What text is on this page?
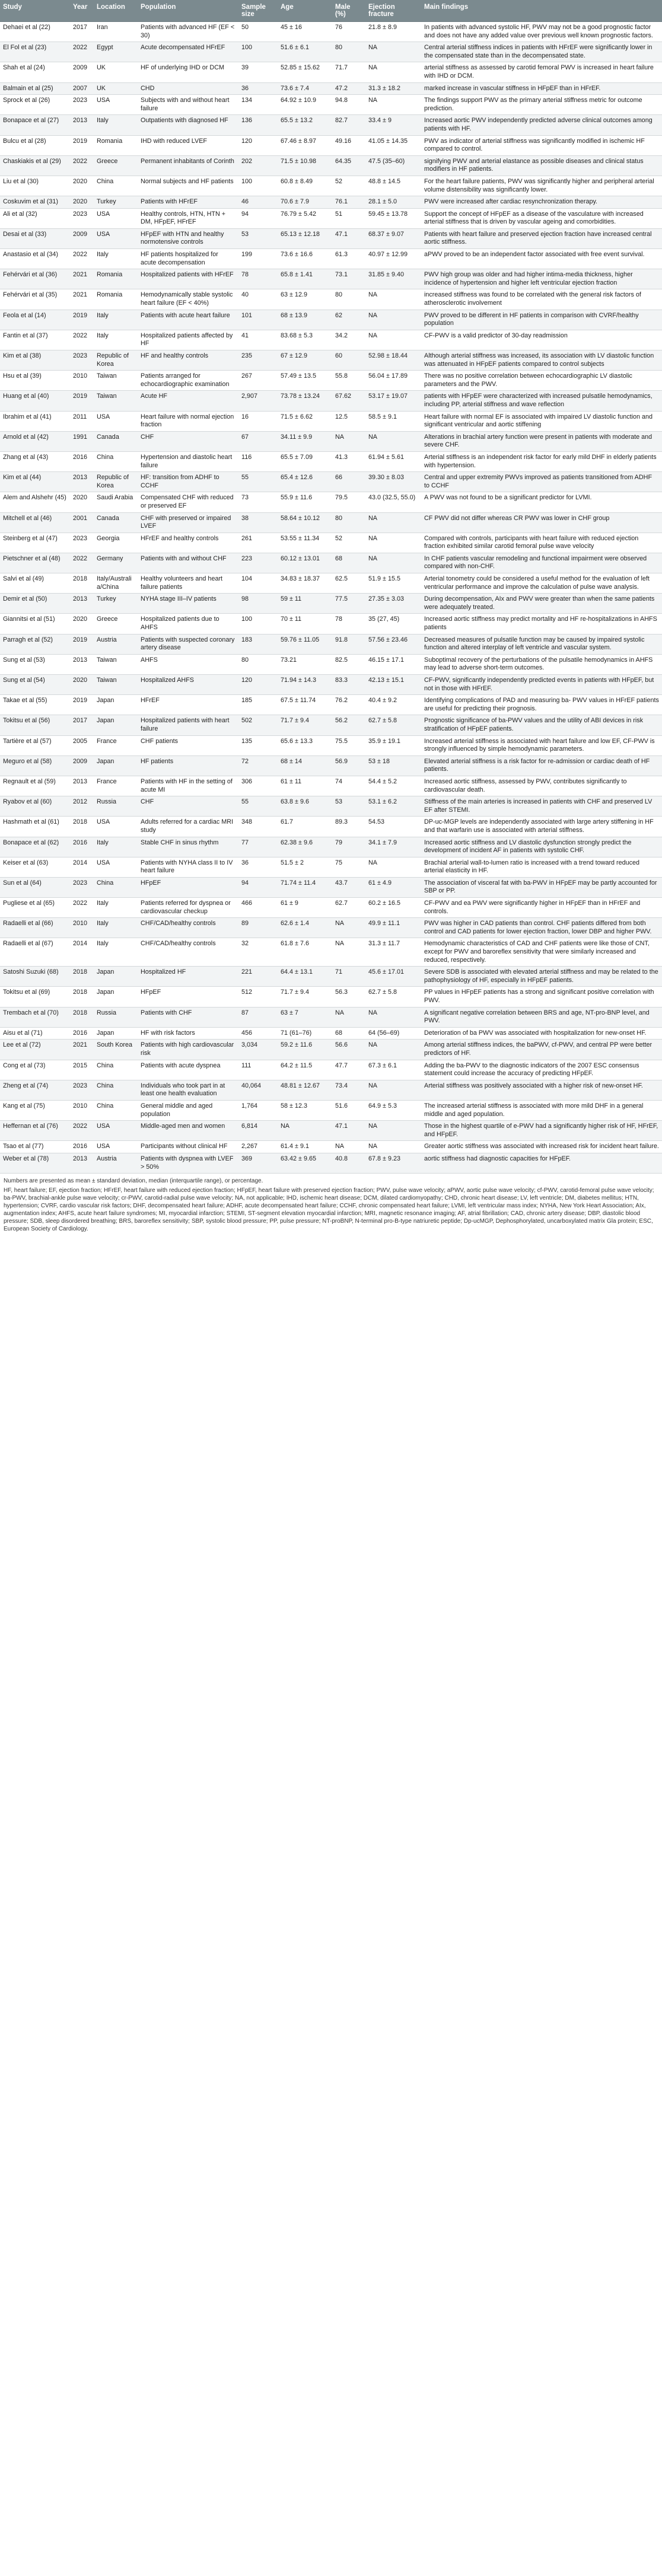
Study	Year	Location	Population	Sample size	Age	Male (%)	Ejection fracture	Main findings
Dehaei et al (22)	2017	Iran	Patients with advanced HF (EF < 30)	50	45 ± 16	76	21.8 ± 8.9	In patients with advanced systolic HF, PWV may not be a good prognostic factor and does not have any added value over previous well known prognostic factors.
El Fol et al (23)	2022	Egypt	Acute decompensated HFrEF	100	51.6 ± 6.1	80	NA	Central arterial stiffness indices in patients with HFrEF were significantly lower in the compensated state than in the decompensated state.
Shah et al (24)	2009	UK	HF of underlying IHD or DCM	39	52.85 ± 15.62	71.7	NA	arterial stiffness as assessed by carotid femoral PWV is increased in heart failure with IHD or DCM.
Balmain et al (25)	2007	UK	CHD	36	73.6 ± 7.4	47.2	31.3 ± 18.2	marked increase in vascular stiffness in HFpEF than in HFrEF.
Sprock et al (26)	2023	USA	Subjects with and without heart failure	134	64.92 ± 10.9	94.8	NA	The findings support PWV as the primary arterial stiffness metric for outcome prediction.
Bonapace et al (27)	2013	Italy	Outpatients with diagnosed HF	136	65.5 ± 13.2	82.7	33.4 ± 9	Increased aortic PWV independently predicted adverse clinical outcomes among patients with HF.
Bulcu et al (28)	2019	Romania	IHD with reduced LVEF	120	67.46 ± 8.97	49.16	41.05 ± 14.35	PWV as indicator of arterial stiffness was significantly modified in ischemic HF compared to control.
Chaskiakis et al (29)	2022	Greece	Permanent inhabitants of Corinth	202	71.5 ± 10.98	64.35	47.5 (35–60)	signifying PWV and arterial elastance as possible diseases and clinical status modifiers in HF patients.
Liu et al (30)	2020	China	Normal subjects and HF patients	100	60.8 ± 8.49	52	48.8 ± 14.5	For the heart failure patients, PWV was significantly higher and peripheral arterial volume distensibility was significantly lower.
Coskuvim et al (31)	2020	Turkey	Patients with HFrEF	46	70.6 ± 7.9	76.1	28.1 ± 5.0	PWV were increased after cardiac resynchronization therapy.
Ali et al (32)	2023	USA	Healthy controls, HTN, HTN + DM, HFpEF, HFrEF	94	76.79 ± 5.42	51	59.45 ± 13.78	Support the concept of HFpEF as a disease of the vasculature with increased arterial stiffness that is driven by vascular ageing and comorbidities.
Desai et al (33)	2009	USA	HFpEF with HTN and healthy normotensive controls	53	65.13 ± 12.18	47.1	68.37 ± 9.07	Patients with heart failure and preserved ejection fraction have increased central aortic stiffness.
Anastasio et al (34)	2022	Italy	HF patients hospitalized for acute decompensation	199	73.6 ± 16.6	61.3	40.97 ± 12.99	aPWV proved to be an independent factor associated with free event survival.
Fehérvári et al (36)	2021	Romania	Hospitalized patients with HFrEF	78	65.8 ± 1.41	73.1	31.85 ± 9.40	PWV high group was older and had higher intima-media thickness, higher incidence of hypertension and higher left ventricular ejection fraction
Fehérvári et al (35)	2021	Romania	Hemodynamically stable systolic heart failure (EF < 40%)	40	63 ± 12.9	80	NA	increased stiffness was found to be correlated with the general risk factors of atherosclerotic involvement
Feola et al (14)	2019	Italy	Patients with acute heart failure	101	68 ± 13.9	62	NA	PWV proved to be different in HF patients in comparison with CVRF/healthy population
Fantin et al (37)	2022	Italy	Hospitalized patients affected by HF	41	83.68 ± 5.3	34.2	NA	CF-PWV is a valid predictor of 30-day readmission
Kim et al (38)	2023	Republic of Korea	HF and healthy controls	235	67 ± 12.9	60	52.98 ± 18.44	Although arterial stiffness was increased, its association with LV diastolic function was attenuated in HFpEF patients compared to control subjects
Hsu et al (39)	2010	Taiwan	Patients arranged for echocardiographic examination	267	57.49 ± 13.5	55.8	56.04 ± 17.89	There was no positive correlation between echocardiographic LV diastolic parameters and the PWV.
Huang et al (40)	2019	Taiwan	Acute HF	2,907	73.78 ± 13.24	67.62	53.17 ± 19.07	patients with HFpEF were characterized with increased pulsatile hemodynamics, including PP, arterial stiffness and wave reflection
Ibrahim et al (41)	2011	USA	Heart failure with normal ejection fraction	16	71.5 ± 6.62	12.5	58.5 ± 9.1	Heart failure with normal EF is associated with impaired LV diastolic function and significant ventricular and aortic stiffening
Arnold et al (42)	1991	Canada	CHF	67	34.11 ± 9.9	NA	NA	Alterations in brachial artery function were present in patients with moderate and severe CHF.
Zhang et al (43)	2016	China	Hypertension and diastolic heart failure	116	65.5 ± 7.09	41.3	61.94 ± 5.61	Arterial stiffness is an independent risk factor for early mild DHF in elderly patients with hypertension.
Kim et al (44)	2013	Republic of Korea	HF: transition from ADHF to CCHF	55	65.4 ± 12.6	66	39.30 ± 8.03	Central and upper extremity PWVs improved as patients transitioned from ADHF to CCHF
Alem and Alshehr (45)	2020	Saudi Arabia	Compensated CHF with reduced or preserved EF	73	55.9 ± 11.6	79.5	43.0 (32.5, 55.0)	A PWV was not found to be a significant predictor for LVMI.
Mitchell et al (46)	2001	Canada	CHF with preserved or impaired LVEF	38	58.64 ± 10.12	80	NA	CF PWV did not differ whereas CR PWV was lower in CHF group
Steinberg et al (47)	2023	Georgia	HFrEF and healthy controls	261	53.55 ± 11.34	52	NA	Compared with controls, participants with heart failure with reduced ejection fraction exhibited similar carotid femoral pulse wave velocity
Pietschner et al (48)	2022	Germany	Patients with and without CHF	223	60.12 ± 13.01	68	NA	In CHF patients vascular remodeling and functional impairment were observed compared with non-CHF.
Salvi et al (49)	2018	Italy/Australia/China	Healthy volunteers and heart failure patients	104	34.83 ± 18.37	62.5	51.9 ± 15.5	Arterial tonometry could be considered a useful method for the evaluation of left ventricular performance and improve the calculation of pulse wave analysis.
Demir et al (50)	2013	Turkey	NYHA stage III–IV patients	98	59 ± 11	77.5	27.35 ± 3.03	During decompensation, AIx and PWV were greater than when the same patients were adequately treated.
Giannitsi et al (51)	2020	Greece	Hospitalized patients due to AHFS	100	70 ± 11	78	35 (27, 45)	Increased aortic stiffness may predict mortality and HF re-hospitalizations in AHFS patients
Parragh et al (52)	2019	Austria	Patients with suspected coronary artery disease	183	59.76 ± 11.05	91.8	57.56 ± 23.46	Decreased measures of pulsatile function may be caused by impaired systolic function and altered interplay of left ventricle and vascular system.
Sung et al (53)	2013	Taiwan	AHFS	80	73.21	82.5	46.15 ± 17.1	Suboptimal recovery of the perturbations of the pulsatile hemodynamics in AHFS may lead to adverse short-term outcomes.
Sung et al (54)	2020	Taiwan	Hospitalized AHFS	120	71.94 ± 14.3	83.3	42.13 ± 15.1	CF-PWV, significantly independently predicted events in patients with HFpEF, but not in those with HFrEF.
Takae et al (55)	2019	Japan	HFrEF	185	67.5 ± 11.74	76.2	40.4 ± 9.2	Identifying complications of PAD and measuring ba- PWV values in HFrEF patients are useful for predicting their prognosis.
Tokitsu et al (56)	2017	Japan	Hospitalized patients with heart failure	502	71.7 ± 9.4	56.2	62.7 ± 5.8	Prognostic significance of ba-PWV values and the utility of ABI devices in risk stratification of HFpEF patients.
Tartière et al (57)	2005	France	CHF patients	135	65.6 ± 13.3	75.5	35.9 ± 19.1	Increased arterial stiffness is associated with heart failure and low EF, CF-PWV is strongly influenced by simple hemodynamic parameters.
Meguro et al (58)	2009	Japan	HF patients	72	68 ± 14	56.9	53 ± 18	Elevated arterial stiffness is a risk factor for re-admission or cardiac death of HF patients.
Regnault et al (59)	2013	France	Patients with HF in the setting of acute MI	306	61 ± 11	74	54.4 ± 5.2	Increased aortic stiffness, assessed by PWV, contributes significantly to cardiovascular death.
Ryabov et al (60)	2012	Russia	CHF	55	63.8 ± 9.6	53	53.1 ± 6.2	Stiffness of the main arteries is increased in patients with CHF and preserved LV EF after STEMI.
Hashmath et al (61)	2018	USA	Adults referred for a cardiac MRI study	348	61.7	89.3	54.53	DP-uc-MGP levels are independently associated with large artery stiffening in HF and that warfarin use is associated with arterial stiffness.
Bonapace et al (62)	2016	Italy	Stable CHF in sinus rhythm	77	62.38 ± 9.6	79	34.1 ± 7.9	Increased aortic stiffness and LV diastolic dysfunction strongly predict the development of incident AF in patients with systolic CHF.
Keiser et al (63)	2014	USA	Patients with NYHA class II to IV heart failure	36	51.5 ± 2	75	NA	Brachial arterial wall-to-lumen ratio is increased with a trend toward reduced arterial elasticity in HF.
Sun et al (64)	2023	China	HFpEF	94	71.74 ± 11.4	43.7	61 ± 4.9	The association of visceral fat with ba-PWV in HFpEF may be partly accounted for SBP or PP.
Pugliese et al (65)	2022	Italy	Patients referred for dyspnea or cardiovascular checkup	466	61 ± 9	62.7	60.2 ± 16.5	CF-PWV and ea PWV were significantly higher in HFpEF than in HFrEF and controls.
Radaelli et al (66)	2010	Italy	CHF/CAD/healthy controls	89	62.6 ± 1.4	NA	49.9 ± 11.1	PWV was higher in CAD patients than control. CHF patients differed from both control and CAD patients for lower ejection fraction, lower DBP and higher PWV.
Radaelli et al (67)	2014	Italy	CHF/CAD/healthy controls	32	61.8 ± 7.6	NA	31.3 ± 11.7	Hemodynamic characteristics of CAD and CHF patients were like those of CNT, except for PWV and baroreflex sensitivity that were similarly increased and reduced, respectively.
Satoshi Suzuki (68)	2018	Japan	Hospitalized HF	221	64.4 ± 13.1	71	45.6 ± 17.01	Severe SDB is associated with elevated arterial stiffness and may be related to the pathophysiology of HF, especially in HFpEF patients.
Tokitsu et al (69)	2018	Japan	HFpEF	512	71.7 ± 9.4	56.3	62.7 ± 5.8	PP values in HFpEF patients has a strong and significant positive correlation with PWV.
Trembach et al (70)	2018	Russia	Patients with CHF	87	63 ± 7	NA	NA	A significant negative correlation between BRS and age, NT-pro-BNP level, and PWV.
Aisu et al (71)	2016	Japan	HF with risk factors	456	71 (61–76)	68	64 (56–69)	Deterioration of ba PWV was associated with hospitalization for new-onset HF.
Lee et al (72)	2021	South Korea	Patients with high cardiovascular risk	3,034	59.2 ± 11.6	56.6	NA	Among arterial stiffness indices, the baPWV, cf-PWV, and central PP were better predictors of HF.
Cong et al (73)	2015	China	Patients with acute dyspnea	111	64.2 ± 11.5	47.7	67.3 ± 6.1	Adding the ba-PWV to the diagnostic indicators of the 2007 ESC consensus statement could increase the accuracy of predicting HFpEF.
Zheng et al (74)	2023	China	Individuals who took part in at least one health evaluation	40,064	48.81 ± 12.67	73.4	NA	Arterial stiffness was positively associated with a higher risk of new-onset HF.
Kang et al (75)	2010	China	General middle and aged population	1,764	58 ± 12.3	51.6	64.9 ± 5.3	The increased arterial stiffness is associated with more mild DHF in a general middle and aged population.
Heffernan et al (76)	2022	USA	Middle-aged men and women	6,814	NA	47.1	NA	Those in the highest quartile of e-PWV had a significantly higher risk of HF, HFrEF, and HFpEF.
Tsao et al (77)	2016	USA	Participants without clinical HF	2,267	61.4 ± 9.1	NA	NA	Greater aortic stiffness was associated with increased risk for incident heart failure.
Weber et al (78)	2013	Austria	Patients with dyspnea with LVEF > 50%	369	63.42 ± 9.65	40.8	67.8 ± 9.23	aortic stiffness had diagnostic capacities for HFpEF.

Numbers are presented as mean ± standard deviation, median (interquartile range), or percentage.

HF, heart failure; EF, ejection fraction; HFrEF, heart failure with reduced ejection fraction; HFpEF, heart failure with preserved ejection fraction; PWV, pulse wave velocity; aPWV, aortic pulse wave velocity; cf-PWV, carotid-femoral pulse wave velocity; ba-PWV, brachial-ankle pulse wave velocity; cr-PWV, carotid-radial pulse wave velocity; NA, not applicable; IHD, ischemic heart disease; DCM, dilated cardiomyopathy; CHD, chronic heart disease; LV, left ventricle; DM, diabetes mellitus; HTN, hypertension; CVRF, cardio vascular risk factors; DHF, decompensated heart failure; ADHF, acute decompensated heart failure; CCHF, chronic compensated heart failure; LVMI, left ventricular mass index; NYHA, New York Heart Association; AIx, augmentation index; AHFS, acute heart failure syndromes; MI, myocardial infarction; STEMI, ST-segment elevation myocardial infarction; MRI, magnetic resonance imaging; AF, atrial fibrillation; CAD, chronic artery disease; DBP, diastolic blood pressure; SDB, sleep disordered breathing; BRS, baroreflex sensitivity; SBP, systolic blood pressure; PP, pulse pressure; NT-proBNP, N-terminal pro-B-type natriuretic peptide; Dp-ucMGP, Dephosphorylated, uncarboxylated matrix Gla protein; ESC, European Society of Cardiology.
